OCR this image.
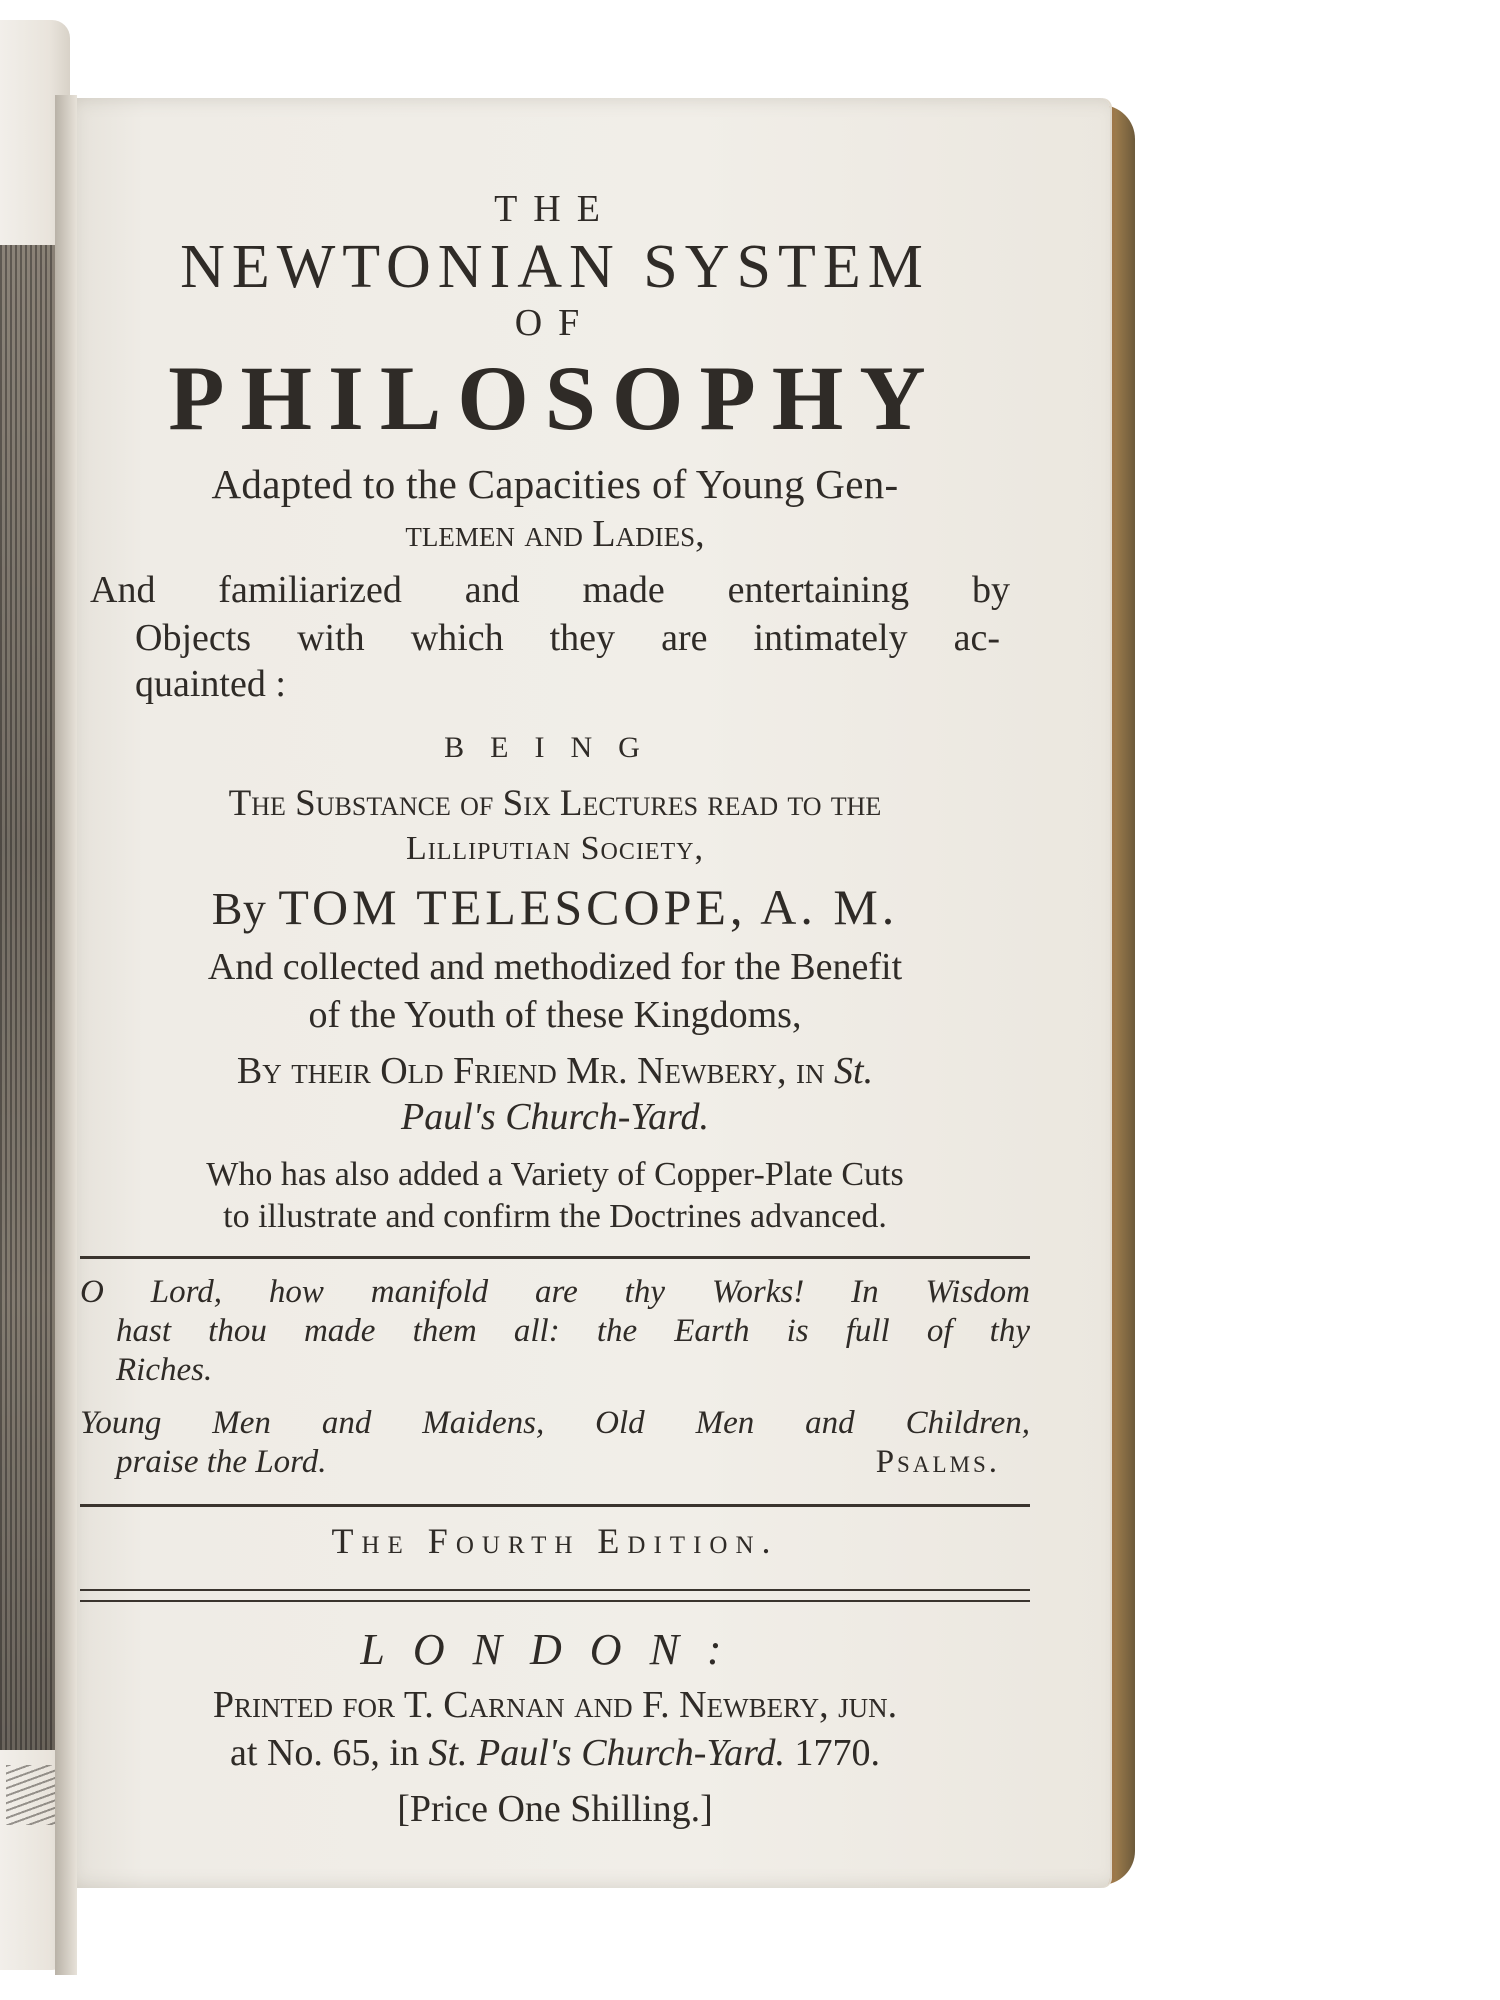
THE
NEWTONIAN SYSTEM
OF
PHILOSOPHY
Adapted to the Capacities of Young Gen-
tlemen and Ladies,
And familiarized and made entertaining by
Objects with which they are intimately ac-
quainted :
BEING
The Substance of Six Lectures read to the
Lilliputian Society,
By TOM TELESCOPE, A. M.
And collected and methodized for the Benefit
of the Youth of these Kingdoms,
By their Old Friend Mr. Newbery, in St.
Paul's Church-Yard.
Who has also added a Variety of Copper-Plate Cuts
to illustrate and confirm the Doctrines advanced.
O Lord, how manifold are thy Works! In Wisdom
hast thou made them all: the Earth is full of thy
Riches.
Young Men and Maidens, Old Men and Children,
praise the Lord.	Psalms.
The Fourth Edition.
LONDON:
Printed for T. Carnan and F. Newbery, jun.
at No. 65, in St. Paul's Church-Yard. 1770.
[Price One Shilling.]
